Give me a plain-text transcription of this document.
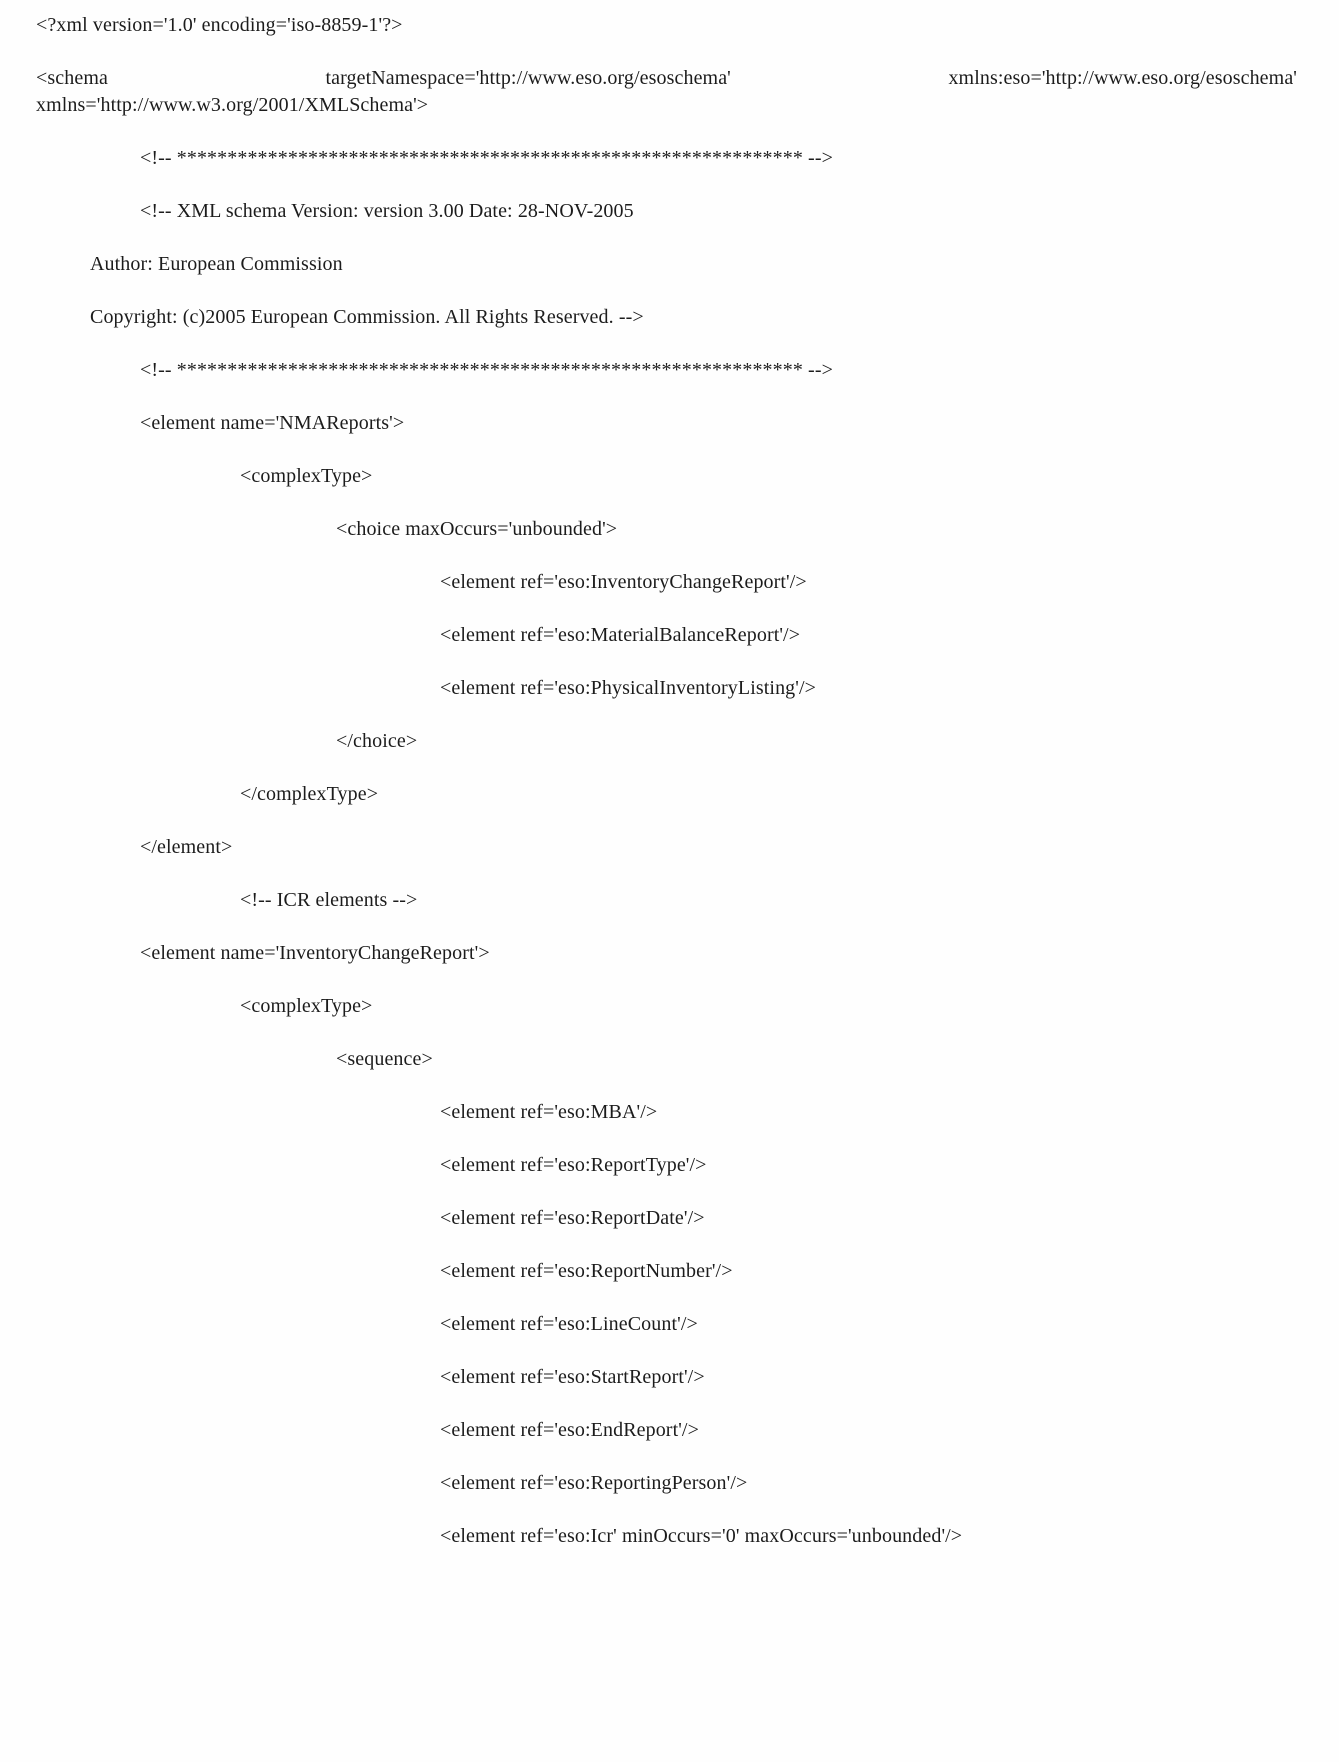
<?xml version='1.0' encoding='iso-8859-1'?>
<schema	targetNamespace='http://www.eso.org/esoschema'	xmlns:eso='http://www.eso.org/esoschema'
xmlns='http://www.w3.org/2001/XMLSchema'>
<!-- ************************************************************** -->
<!-- XML schema Version: version 3.00 Date: 28-NOV-2005
Author: European Commission
Copyright: (c)2005 European Commission. All Rights Reserved. -->
<!-- ************************************************************** -->
<element name='NMAReports'>
<complexType>
<choice maxOccurs='unbounded'>
<element ref='eso:InventoryChangeReport'/>
<element ref='eso:MaterialBalanceReport'/>
<element ref='eso:PhysicalInventoryListing'/>
</choice>
</complexType>
</element>
<!-- ICR elements -->
<element name='InventoryChangeReport'>
<complexType>
<sequence>
<element ref='eso:MBA'/>
<element ref='eso:ReportType'/>
<element ref='eso:ReportDate'/>
<element ref='eso:ReportNumber'/>
<element ref='eso:LineCount'/>
<element ref='eso:StartReport'/>
<element ref='eso:EndReport'/>
<element ref='eso:ReportingPerson'/>
<element ref='eso:Icr' minOccurs='0' maxOccurs='unbounded'/>
